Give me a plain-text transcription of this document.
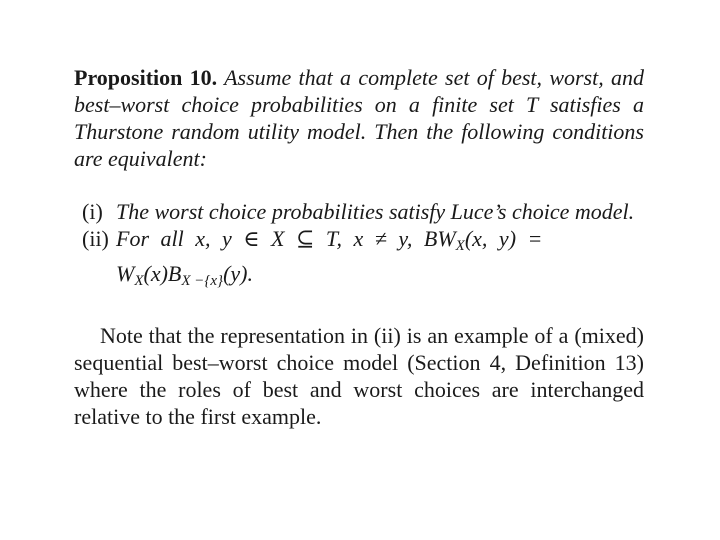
Proposition 10. Assume that a complete set of best, worst, and best–worst choice probabilities on a finite set T satisfies a Thurstone random utility model. Then the following conditions are equivalent:

(i) The worst choice probabilities satisfy Luce’s choice model.
(ii) For all x, y ∈ X ⊆ T, x ≠ y, $BW_X(x$, y) =
$W_X(x)B_{X -\{x\}}(y)$.

Note that the representation in (ii) is an example of a (mixed) sequential best–worst choice model (Section 4, Definition 13) where the roles of best and worst choices are interchanged relative to the first example.
